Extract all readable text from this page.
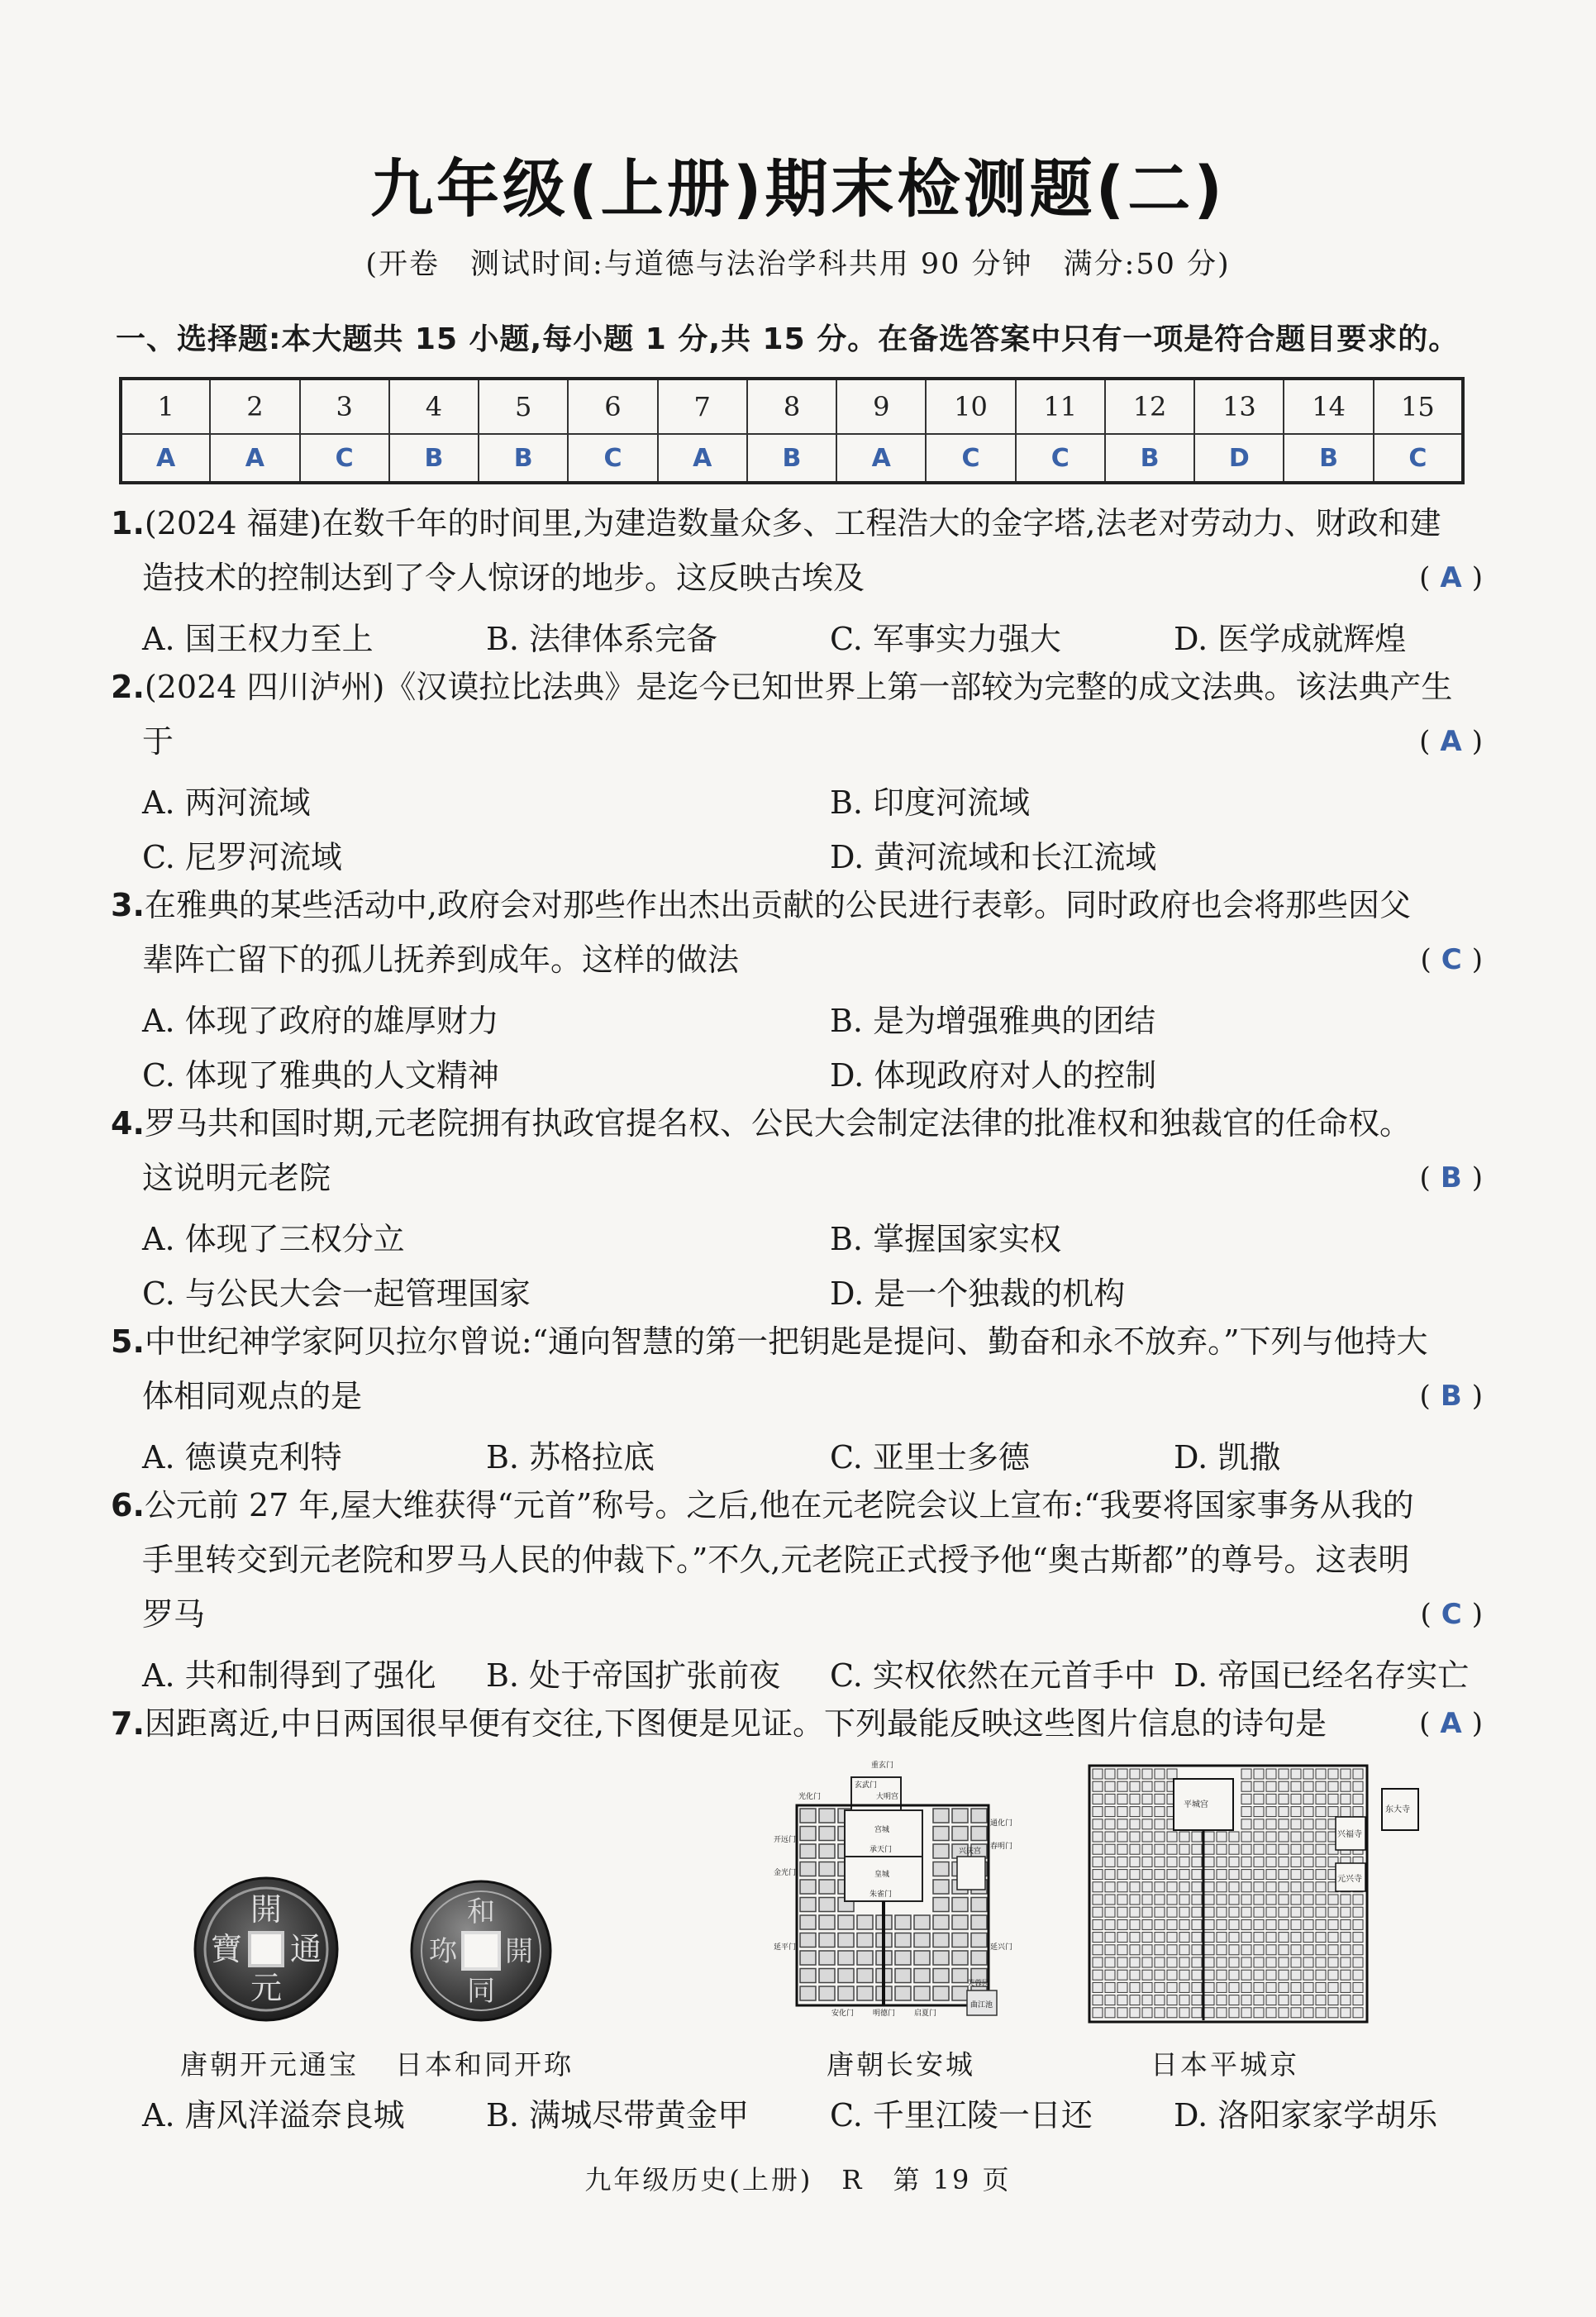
九年级(上册)期末检测题(二)
(开卷　测试时间:与道德与法治学科共用 90 分钟　满分:50 分)
一、选择题:本大题共 15 小题,每小题 1 分,共 15 分。在备选答案中只有一项是符合题目要求的。
1	2	3	4	5	6	7	8	9	10	11	12	13	14	15
A	A	C	B	B	C	A	B	A	C	C	B	D	B	C
1.(2024 福建)在数千年的时间里,为建造数量众多、工程浩大的金字塔,法老对劳动力、财政和建
造技术的控制达到了令人惊讶的地步。这反映古埃及	( A )
A. 国王权力至上	B. 法律体系完备	C. 军事实力强大	D. 医学成就辉煌
2.(2024 四川泸州)《汉谟拉比法典》是迄今已知世界上第一部较为完整的成文法典。该法典产生
于	( A )
A. 两河流域	B. 印度河流域
C. 尼罗河流域	D. 黄河流域和长江流域
3.在雅典的某些活动中,政府会对那些作出杰出贡献的公民进行表彰。同时政府也会将那些因父
辈阵亡留下的孤儿抚养到成年。这样的做法	( C )
A. 体现了政府的雄厚财力	B. 是为增强雅典的团结
C. 体现了雅典的人文精神	D. 体现政府对人的控制
4.罗马共和国时期,元老院拥有执政官提名权、公民大会制定法律的批准权和独裁官的任命权。
这说明元老院	( B )
A. 体现了三权分立	B. 掌握国家实权
C. 与公民大会一起管理国家	D. 是一个独裁的机构
5.中世纪神学家阿贝拉尔曾说:“通向智慧的第一把钥匙是提问、勤奋和永不放弃。”下列与他持大
体相同观点的是	( B )
A. 德谟克利特	B. 苏格拉底	C. 亚里士多德	D. 凯撒
6.公元前 27 年,屋大维获得“元首”称号。之后,他在元老院会议上宣布:“我要将国家事务从我的
手里转交到元老院和罗马人民的仲裁下。”不久,元老院正式授予他“奥古斯都”的尊号。这表明
罗马	( C )
A. 共和制得到了强化 B. 处于帝国扩张前夜 C. 实权依然在元首手中 D. 帝国已经名存实亡
7.因距离近,中日两国很早便有交往,下图便是见证。下列最能反映这些图片信息的诗句是	( A )
開
元
通
寶
和
同
開
珎
重玄门
玄武门
大明宫
宫城
承天门
皇城
朱雀门
春明门
金光门
延平门	延兴门
明德门
安化门	启夏门
兴庆宫
芙蓉园
曲江池
开远门
光化门
通化门
平城宫
东大寺
兴福寺
元兴寺
唐朝开元通宝 日本和同开珎	唐朝长安城	日本平城京
A. 唐风洋溢奈良城	B. 满城尽带黄金甲	C. 千里江陵一日还	D. 洛阳家家学胡乐
九年级历史(上册)　R　第 19 页
